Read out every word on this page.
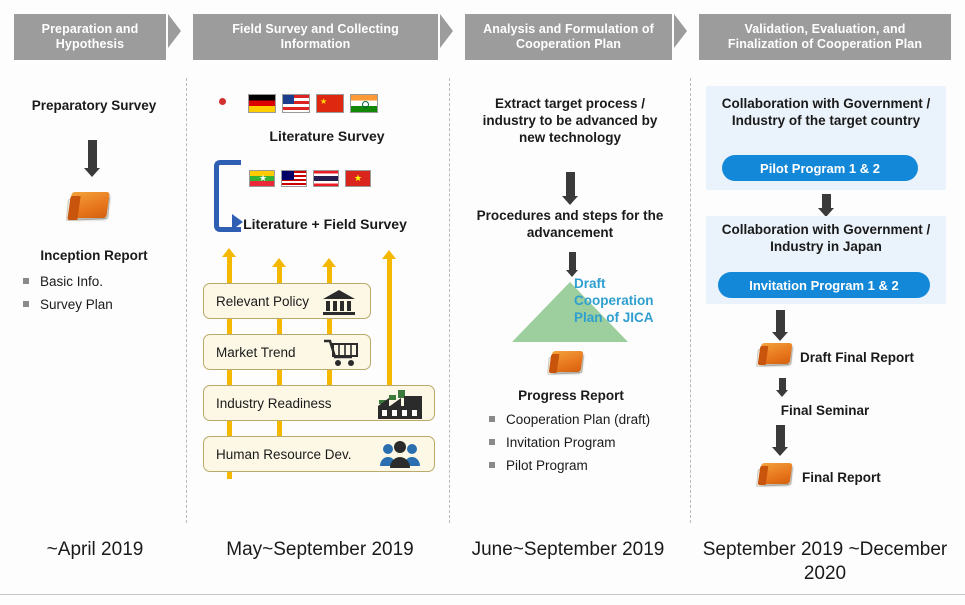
Preparation and Hypothesis
Field Survey and Collecting Information
Analysis and Formulation of Cooperation Plan
Validation, Evaluation, and Finalization of Cooperation Plan
Preparatory Survey
Inception Report
Basic Info.
Survey Plan
★
Literature Survey
★	★
Literature + Field Survey
Relevant Policy
Market Trend
Industry Readiness
Human Resource Dev.
Extract target process / industry to be advanced by new technology
Procedures and steps for the advancement
Draft Cooperation Plan of JICA
Progress Report
Cooperation Plan (draft)
Invitation Program
Pilot Program
Collaboration with Government / Industry of the target country
Pilot Program 1 & 2
Collaboration with Government / Industry in Japan
Invitation Program 1 & 2
Draft Final Report
Final Seminar
Final Report
~April 2019	May~September 2019	June~September 2019	September 2019 ~December 2020
